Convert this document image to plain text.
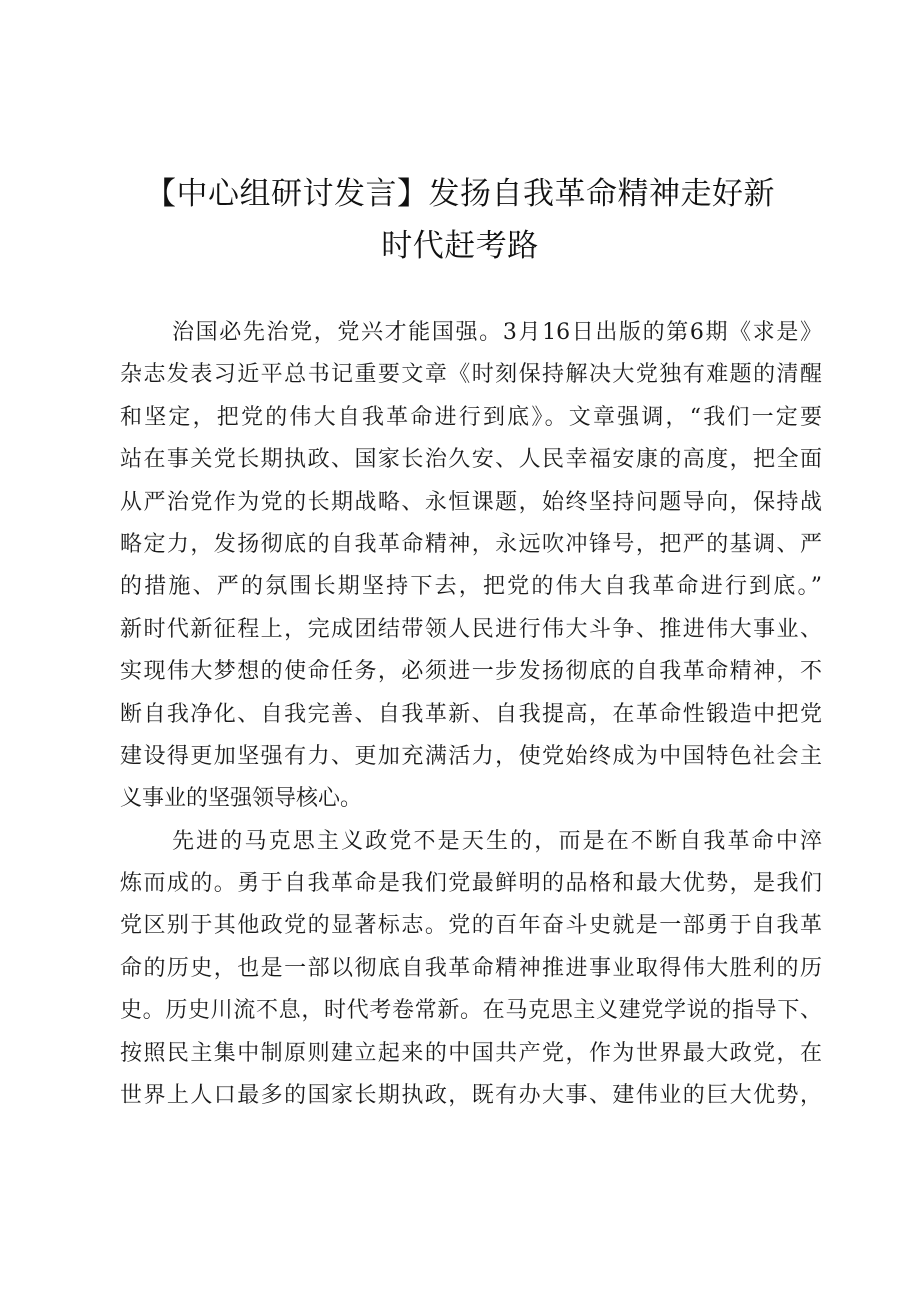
【中心组研讨发言】发扬自我革命精神走好新
时代赶考路
治国必先治党，党兴才能国强。3月16日出版的第6期《求是》
杂志发表习近平总书记重要文章《时刻保持解决大党独有难题的清醒
和坚定，把党的伟大自我革命进行到底》。文章强调，“我们一定要
站在事关党长期执政、国家长治久安、人民幸福安康的高度，把全面
从严治党作为党的长期战略、永恒课题，始终坚持问题导向，保持战
略定力，发扬彻底的自我革命精神，永远吹冲锋号，把严的基调、严
的措施、严的氛围长期坚持下去，把党的伟大自我革命进行到底。”
新时代新征程上，完成团结带领人民进行伟大斗争、推进伟大事业、
实现伟大梦想的使命任务，必须进一步发扬彻底的自我革命精神，不
断自我净化、自我完善、自我革新、自我提高，在革命性锻造中把党
建设得更加坚强有力、更加充满活力，使党始终成为中国特色社会主
义事业的坚强领导核心。
先进的马克思主义政党不是天生的，而是在不断自我革命中淬
炼而成的。勇于自我革命是我们党最鲜明的品格和最大优势，是我们
党区别于其他政党的显著标志。党的百年奋斗史就是一部勇于自我革
命的历史，也是一部以彻底自我革命精神推进事业取得伟大胜利的历
史。历史川流不息，时代考卷常新。在马克思主义建党学说的指导下、
按照民主集中制原则建立起来的中国共产党，作为世界最大政党，在
世界上人口最多的国家长期执政，既有办大事、建伟业的巨大优势，
